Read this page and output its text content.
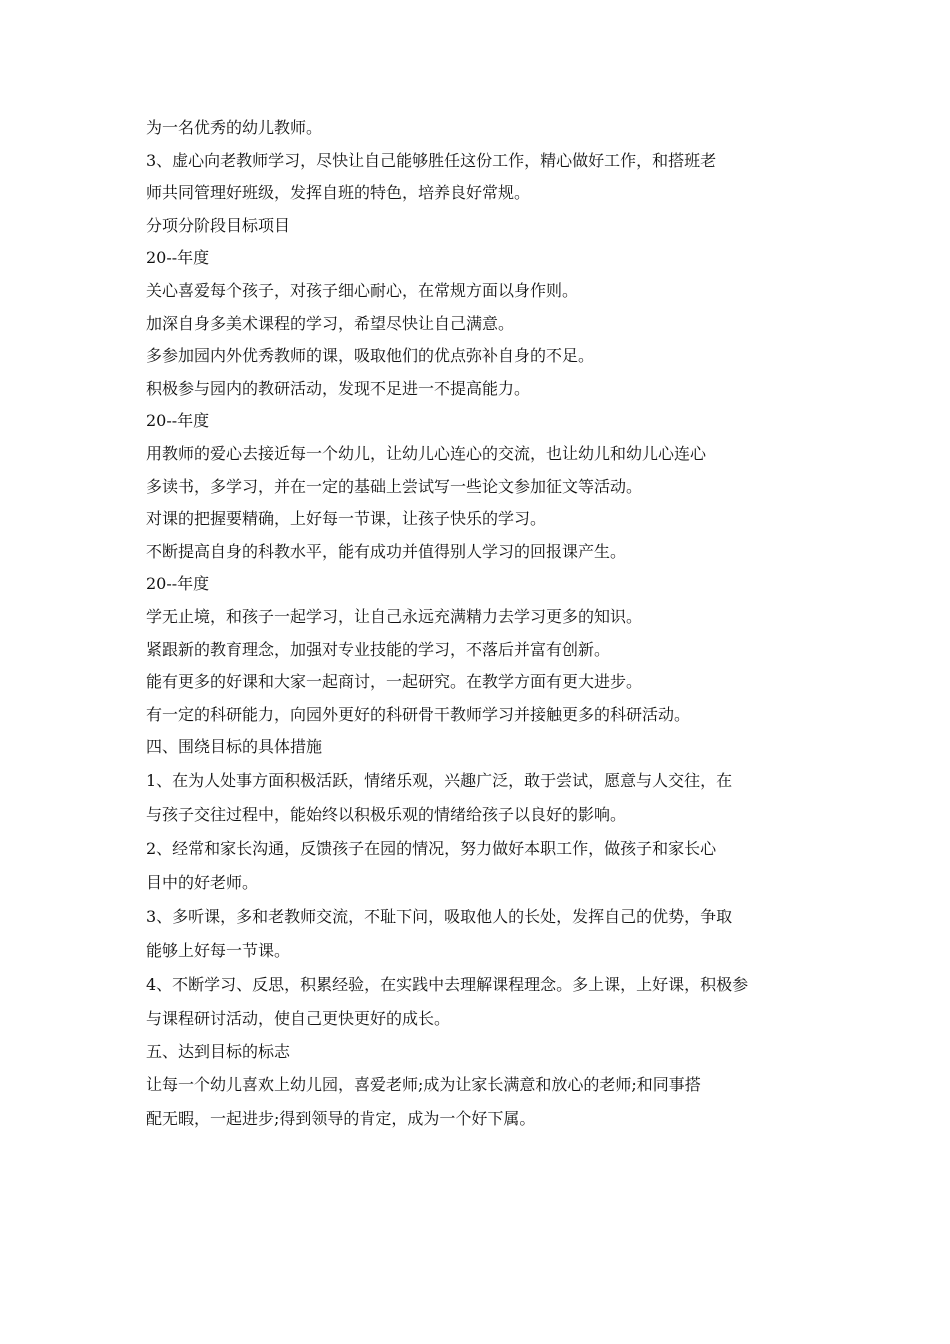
为一名优秀的幼儿教师。
3、虚心向老教师学习，尽快让自己能够胜任这份工作，精心做好工作，和搭班老
师共同管理好班级，发挥自班的特色，培养良好常规。
分项分阶段目标项目
20--年度
关心喜爱每个孩子，对孩子细心耐心，在常规方面以身作则。
加深自身多美术课程的学习，希望尽快让自己满意。
多参加园内外优秀教师的课，吸取他们的优点弥补自身的不足。
积极参与园内的教研活动，发现不足进一不提高能力。
20--年度
用教师的爱心去接近每一个幼儿，让幼儿心连心的交流，也让幼儿和幼儿心连心
多读书，多学习，并在一定的基础上尝试写一些论文参加征文等活动。
对课的把握要精确，上好每一节课，让孩子快乐的学习。
不断提高自身的科教水平，能有成功并值得别人学习的回报课产生。
20--年度
学无止境，和孩子一起学习，让自己永远充满精力去学习更多的知识。
紧跟新的教育理念，加强对专业技能的学习，不落后并富有创新。
能有更多的好课和大家一起商讨，一起研究。在教学方面有更大进步。
有一定的科研能力，向园外更好的科研骨干教师学习并接触更多的科研活动。
四、围绕目标的具体措施
1、在为人处事方面积极活跃，情绪乐观，兴趣广泛，敢于尝试，愿意与人交往，在
与孩子交往过程中，能始终以积极乐观的情绪给孩子以良好的影响。
2、经常和家长沟通，反馈孩子在园的情况，努力做好本职工作，做孩子和家长心
目中的好老师。
3、多听课，多和老教师交流，不耻下问，吸取他人的长处，发挥自己的优势，争取
能够上好每一节课。
4、不断学习、反思，积累经验，在实践中去理解课程理念。多上课，上好课，积极参
与课程研讨活动，使自己更快更好的成长。
五、达到目标的标志
让每一个幼儿喜欢上幼儿园，喜爱老师;成为让家长满意和放心的老师;和同事搭
配无暇，一起进步;得到领导的肯定，成为一个好下属。
